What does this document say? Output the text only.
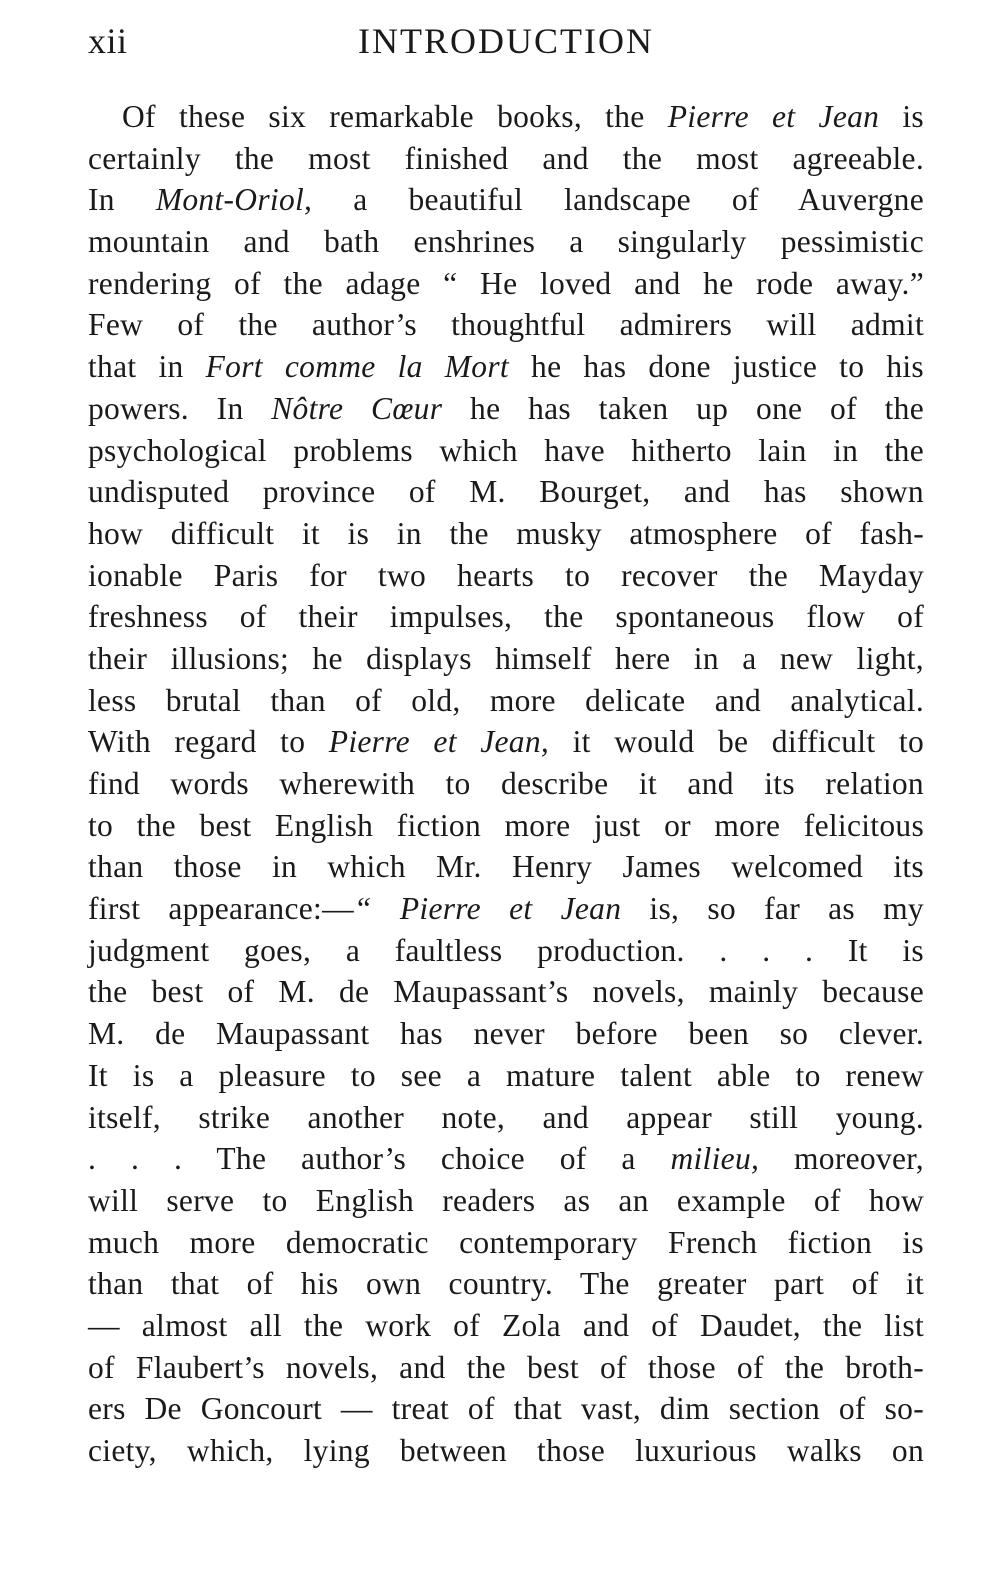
xii	INTRODUCTION
Of these six remarkable books, the Pierre et Jean is
certainly the most finished and the most agreeable.
In Mont-Oriol, a beautiful landscape of Auvergne
mountain and bath enshrines a singularly pessimistic
rendering of the adage “ He loved and he rode away.”
Few of the author’s thoughtful admirers will admit
that in Fort comme la Mort he has done justice to his
powers. In Nôtre Cœur he has taken up one of the
psychological problems which have hitherto lain in the
undisputed province of M. Bourget, and has shown
how difficult it is in the musky atmosphere of fash-
ionable Paris for two hearts to recover the Mayday
freshness of their impulses, the spontaneous flow of
their illusions; he displays himself here in a new light,
less brutal than of old, more delicate and analytical.
With regard to Pierre et Jean, it would be difficult to
find words wherewith to describe it and its relation
to the best English fiction more just or more felicitous
than those in which Mr. Henry James welcomed its
first appearance:—“ Pierre et Jean is, so far as my
judgment goes, a faultless production. . . . It is
the best of M. de Maupassant’s novels, mainly because
M. de Maupassant has never before been so clever.
It is a pleasure to see a mature talent able to renew
itself, strike another note, and appear still young.
. . . The author’s choice of a milieu, moreover,
will serve to English readers as an example of how
much more democratic contemporary French fiction is
than that of his own country. The greater part of it
— almost all the work of Zola and of Daudet, the list
of Flaubert’s novels, and the best of those of the broth-
ers De Goncourt — treat of that vast, dim section of so-
ciety, which, lying between those luxurious walks on
